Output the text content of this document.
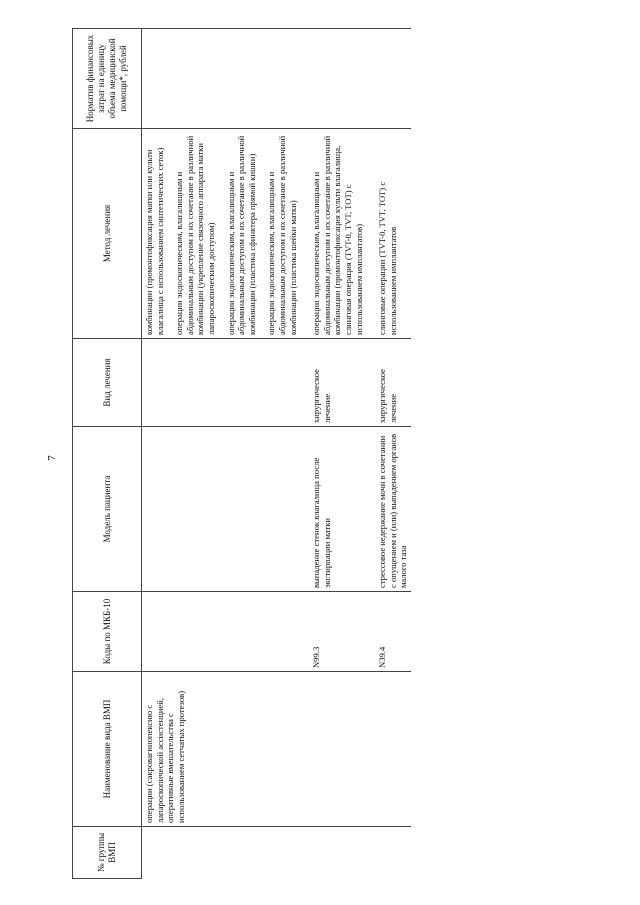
7
№ группы ВМП	Наименование вида ВМП	Коды по МКБ-10	Модель пациента	Вид лечения	Метод лечения	Норматив финансовых затрат на единицу объема медицинской помощи*, рублей
	операции (сакровагинопексию с лапароскопической ассистенцией, оперативные вмешательства с использованием сетчатых протезов)				комбинации (промонтофиксация матки или культи влагалища с использованием синтетических сеток) операции эндоскопическим, влагалищным и абдоминальным доступом и их сочетание в различной комбинации (укрепление связочного аппарата матки лапароскопическим доступом) операции эндоскопическим, влагалищным и абдоминальным доступом и их сочетание в различной комбинации (пластика сфинктера прямой кишки) операции эндоскопическим, влагалищным и абдоминальным доступом и их сочетание в различной комбинации (пластика шейки матки)	

		N99.3	выпадение стенок влагалища после экстирпации матки	хирургическое лечение	операции эндоскопическим, влагалищным и абдоминальным доступом и их сочетание в различной комбинации (промонтофиксация культи влагалища, слинговая операция (TVT-0, TVT, TOT) с использованием имплантатов)	

		N39.4	стрессовое недержание мочи в сочетании с опущением и (или) выпадением органов малого таза	хирургическое лечение	слинговые операции (TVT-0, TVT, TOT) с использованием имплантатов	
